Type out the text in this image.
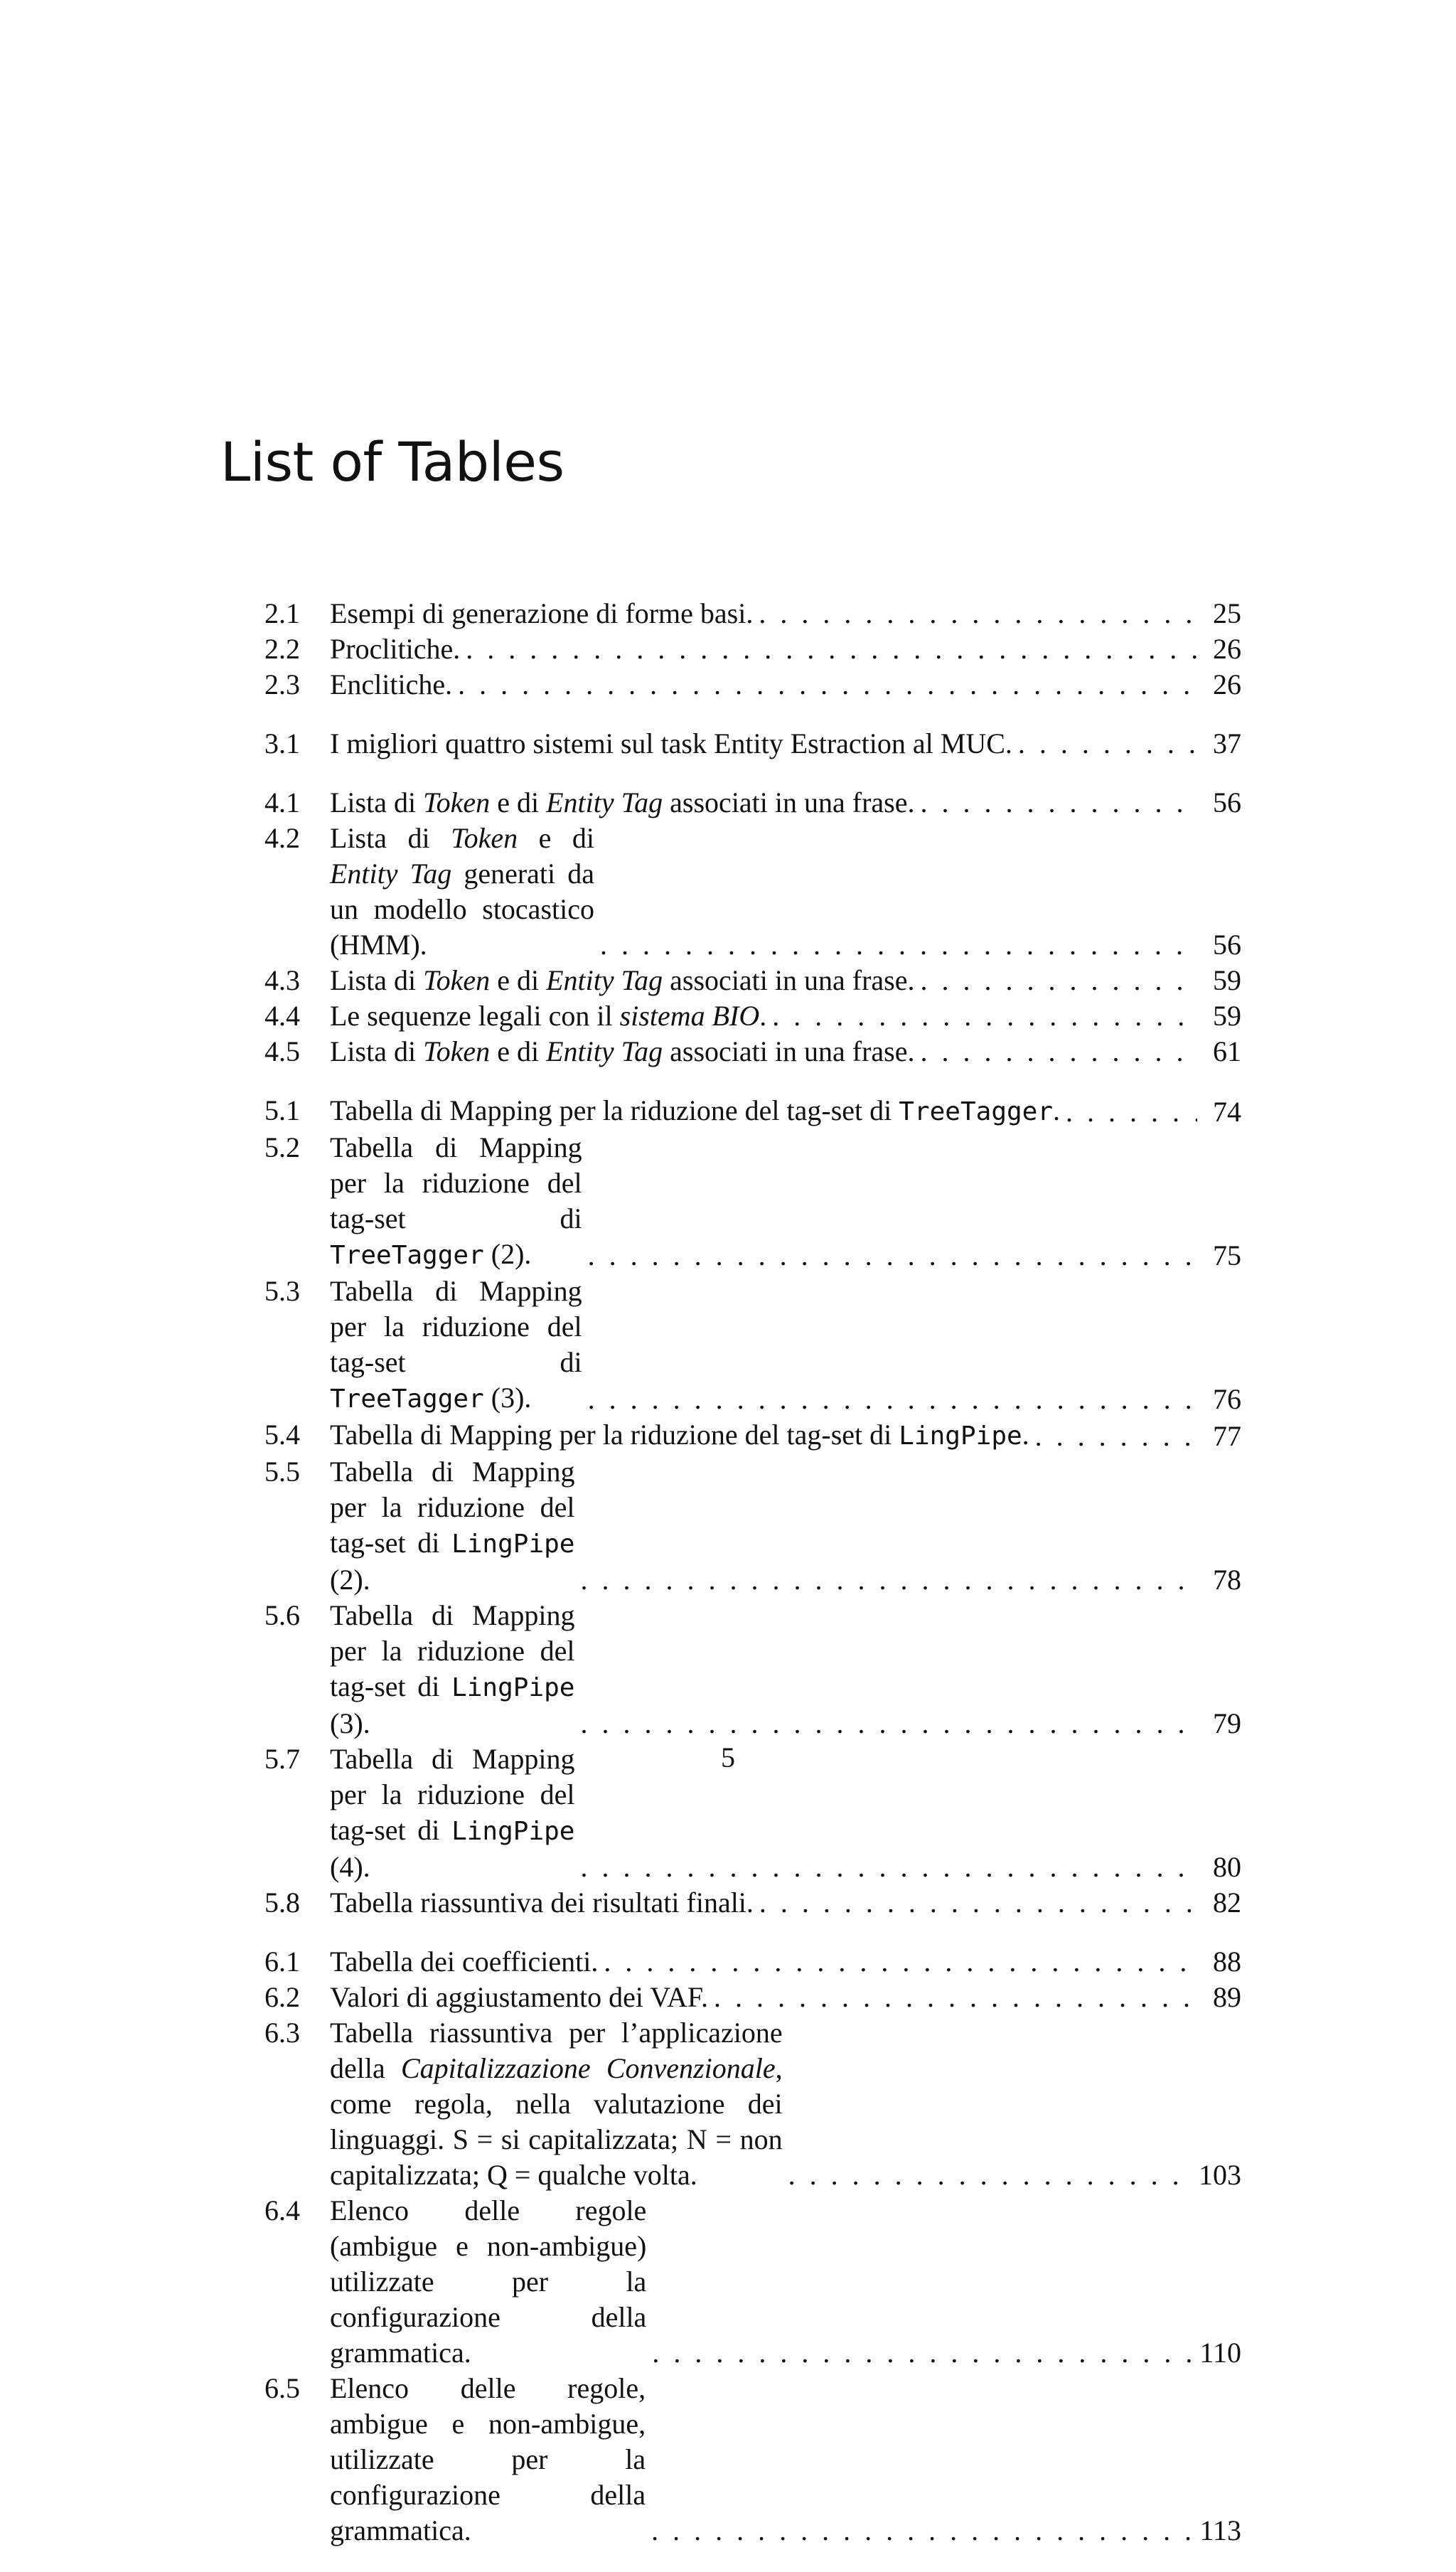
List of Tables
2.1	Esempi di generazione di forme basi. . . .	25
2.2	Proclitiche. . . .	26
2.3	Enclitiche. . . .	26
3.1	I migliori quattro sistemi sul task Entity Estraction al MUC. . . .	37
4.1	Lista di Token e di Entity Tag associati in una frase. . . .	56
4.2	Lista di Token e di Entity Tag generati da un modello stocastico (HMM). . . .	56
4.3	Lista di Token e di Entity Tag associati in una frase. . . .	59
4.4	Le sequenze legali con il sistema BIO. . . .	59
4.5	Lista di Token e di Entity Tag associati in una frase. . . .	61
5.1	Tabella di Mapping per la riduzione del tag-set di TreeTagger. . . .	74
5.2	Tabella di Mapping per la riduzione del tag-set di TreeTagger (2). . . .	75
5.3	Tabella di Mapping per la riduzione del tag-set di TreeTagger (3). . . .	76
5.4	Tabella di Mapping per la riduzione del tag-set di LingPipe. . . .	77
5.5	Tabella di Mapping per la riduzione del tag-set di LingPipe (2). . . .	78
5.6	Tabella di Mapping per la riduzione del tag-set di LingPipe (3). . . .	79
5.7	Tabella di Mapping per la riduzione del tag-set di LingPipe (4). . . .	80
5.8	Tabella riassuntiva dei risultati finali. . . .	82
6.1	Tabella dei coefficienti. . . .	88
6.2	Valori di aggiustamento dei VAF. . . .	89
6.3	Tabella riassuntiva per l’applicazione della Capitalizzazione Convenzionale, come regola, nella valutazione dei linguaggi. S = si capitalizzata; N = non capitalizzata; Q = qualche volta. . . .	103
6.4	Elenco delle regole (ambigue e non-ambigue) utilizzate per la configurazione della grammatica. . . .	110
6.5	Elenco delle regole, ambigue e non-ambigue, utilizzate per la configurazione della grammatica. . . .	113
5
